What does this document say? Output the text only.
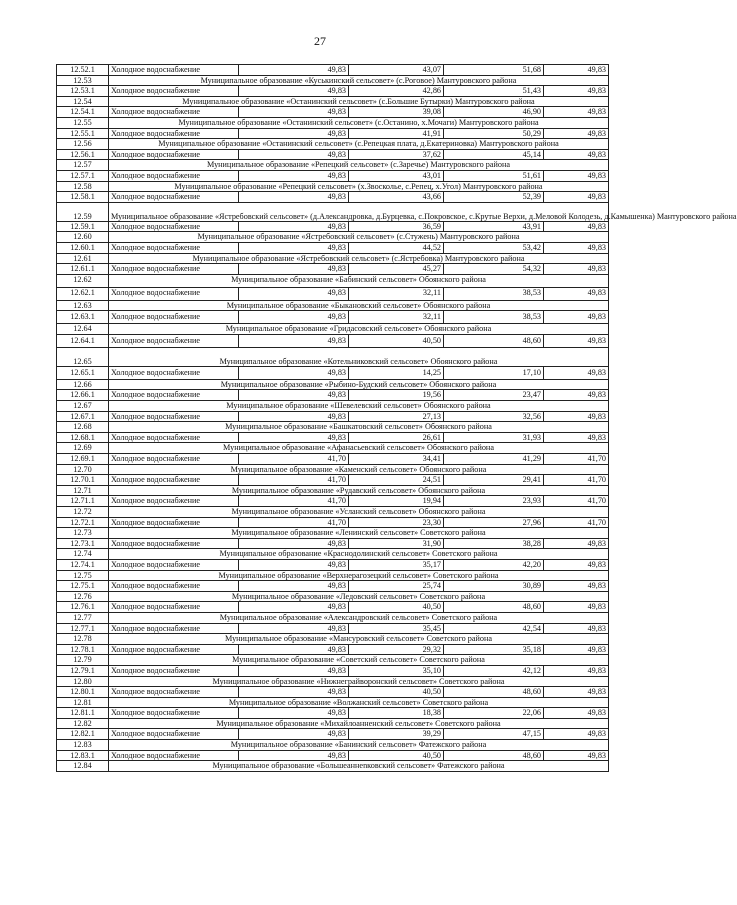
27
12.52.1	Холодное водоснабжение	49,83	43,07	51,68	49,83
12.53	Муниципальное образование «Куськинский сельсовет» (с.Роговое) Мантуровского района				
12.53.1	Холодное водоснабжение	49,83	42,86	51,43	49,83
12.54	Муниципальное образование «Останинский сельсовет» (с.Большие Бутырки) Мантуровского района				
12.54.1	Холодное водоснабжение	49,83	39,08	46,90	49,83
12.55	Муниципальное образование «Останинский сельсовет» (с.Останино, х.Мочаги) Мантуровского района				
12.55.1	Холодное водоснабжение	49,83	41,91	50,29	49,83
12.56	Муниципальное образование «Останинский сельсовет» (с.Репецкая плата, д.Екатериновка) Мантуровского района				
12.56.1	Холодное водоснабжение	49,83	37,62	45,14	49,83
12.57	Муниципальное образование «Репецкий сельсовет» (с.Заречье) Мантуровского района				
12.57.1	Холодное водоснабжение	49,83	43,01	51,61	49,83
12.58	Муниципальное образование «Репецкий сельсовет» (х.Звоcколье, с.Репец, х.Угол) Мантуровского района				
12.58.1	Холодное водоснабжение	49,83	43,66	52,39	49,83
12.59	Муниципальное образование «Ястребовский сельсовет» (д.Александровка, д.Бурцевка, с.Покровское, с.Крутые Верхи, д.Меловой Колодезь, д.Камышенка) Мантуровского района				
12.59.1	Холодное водоснабжение	49,83	36,59	43,91	49,83
12.60	Муниципальное образование «Ястребовский сельсовет» (с.Стужень) Мантуровского района				
12.60.1	Холодное водоснабжение	49,83	44,52	53,42	49,83
12.61	Муниципальное образование «Ястребовский сельсовет» (с.Ястребовка) Мантуровского района				
12.61.1	Холодное водоснабжение	49,83	45,27	54,32	49,83
12.62	Муниципальное образование «Бабинский сельсовет» Обоянского района				
12.62.1	Холодное водоснабжение	49,83	32,11	38,53	49,83
12.63	Муниципальное образование «Быкановский сельсовет» Обоянского района				
12.63.1	Холодное водоснабжение	49,83	32,11	38,53	49,83
12.64	Муниципальное образование «Гридасовский сельсовет» Обоянского района				
12.64.1	Холодное водоснабжение	49,83	40,50	48,60	49,83
12.65	Муниципальное образование «Котельниковский сельсовет» Обоянского района				
12.65.1	Холодное водоснабжение	49,83	14,25	17,10	49,83
12.66	Муниципальное образование «Рыбино-Будский сельсовет» Обоянского района				
12.66.1	Холодное водоснабжение	49,83	19,56	23,47	49,83
12.67	Муниципальное образование «Шевелевский сельсовет» Обоянского района				
12.67.1	Холодное водоснабжение	49,83	27,13	32,56	49,83
12.68	Муниципальное образование «Башкатовский сельсовет» Обоянского района				
12.68.1	Холодное водоснабжение	49,83	26,61	31,93	49,83
12.69	Муниципальное образование «Афанасьевский сельсовет» Обоянского района				
12.69.1	Холодное водоснабжение	41,70	34,41	41,29	41,70
12.70	Муниципальное образование «Каменский сельсовет» Обоянского района				
12.70.1	Холодное водоснабжение	41,70	24,51	29,41	41,70
12.71	Муниципальное образование «Рудавский сельсовет» Обоянского района				
12.71.1	Холодное водоснабжение	41,70	19,94	23,93	41,70
12.72	Муниципальное образование «Усланский сельсовет» Обоянского района				
12.72.1	Холодное водоснабжение	41,70	23,30	27,96	41,70
12.73	Муниципальное образование «Ленинский сельсовет» Советского района				
12.73.1	Холодное водоснабжение	49,83	31,90	38,28	49,83
12.74	Муниципальное образование «Краснодолинский сельсовет» Советского района				
12.74.1	Холодное водоснабжение	49,83	35,17	42,20	49,83
12.75	Муниципальное образование «Верхнерагозецкий сельсовет» Советского района				
12.75.1	Холодное водоснабжение	49,83	25,74	30,89	49,83
12.76	Муниципальное образование «Ледовский сельсовет» Советского района				
12.76.1	Холодное водоснабжение	49,83	40,50	48,60	49,83
12.77	Муниципальное образование «Александровский сельсовет» Советского района				
12.77.1	Холодное водоснабжение	49,83	35,45	42,54	49,83
12.78	Муниципальное образование «Мансуровский сельсовет» Советского района				
12.78.1	Холодное водоснабжение	49,83	29,32	35,18	49,83
12.79	Муниципальное образование «Советский сельсовет» Советского района				
12.79.1	Холодное водоснабжение	49,83	35,10	42,12	49,83
12.80	Муниципальное образование «Нижнеграйворонский сельсовет» Советского района				
12.80.1	Холодное водоснабжение	49,83	40,50	48,60	49,83
12.81	Муниципальное образование «Волжанский сельсовет» Советского района				
12.81.1	Холодное водоснабжение	49,83	18,38	22,06	49,83
12.82	Муниципальное образование «Михайлоанненский сельсовет» Советского района				
12.82.1	Холодное водоснабжение	49,83	39,29	47,15	49,83
12.83	Муниципальное образование «Банинский сельсовет» Фатежского района				
12.83.1	Холодное водоснабжение	49,83	40,50	48,60	49,83
12.84	Муниципальное образование «Большеаннenковский сельсовет» Фатежского района				
